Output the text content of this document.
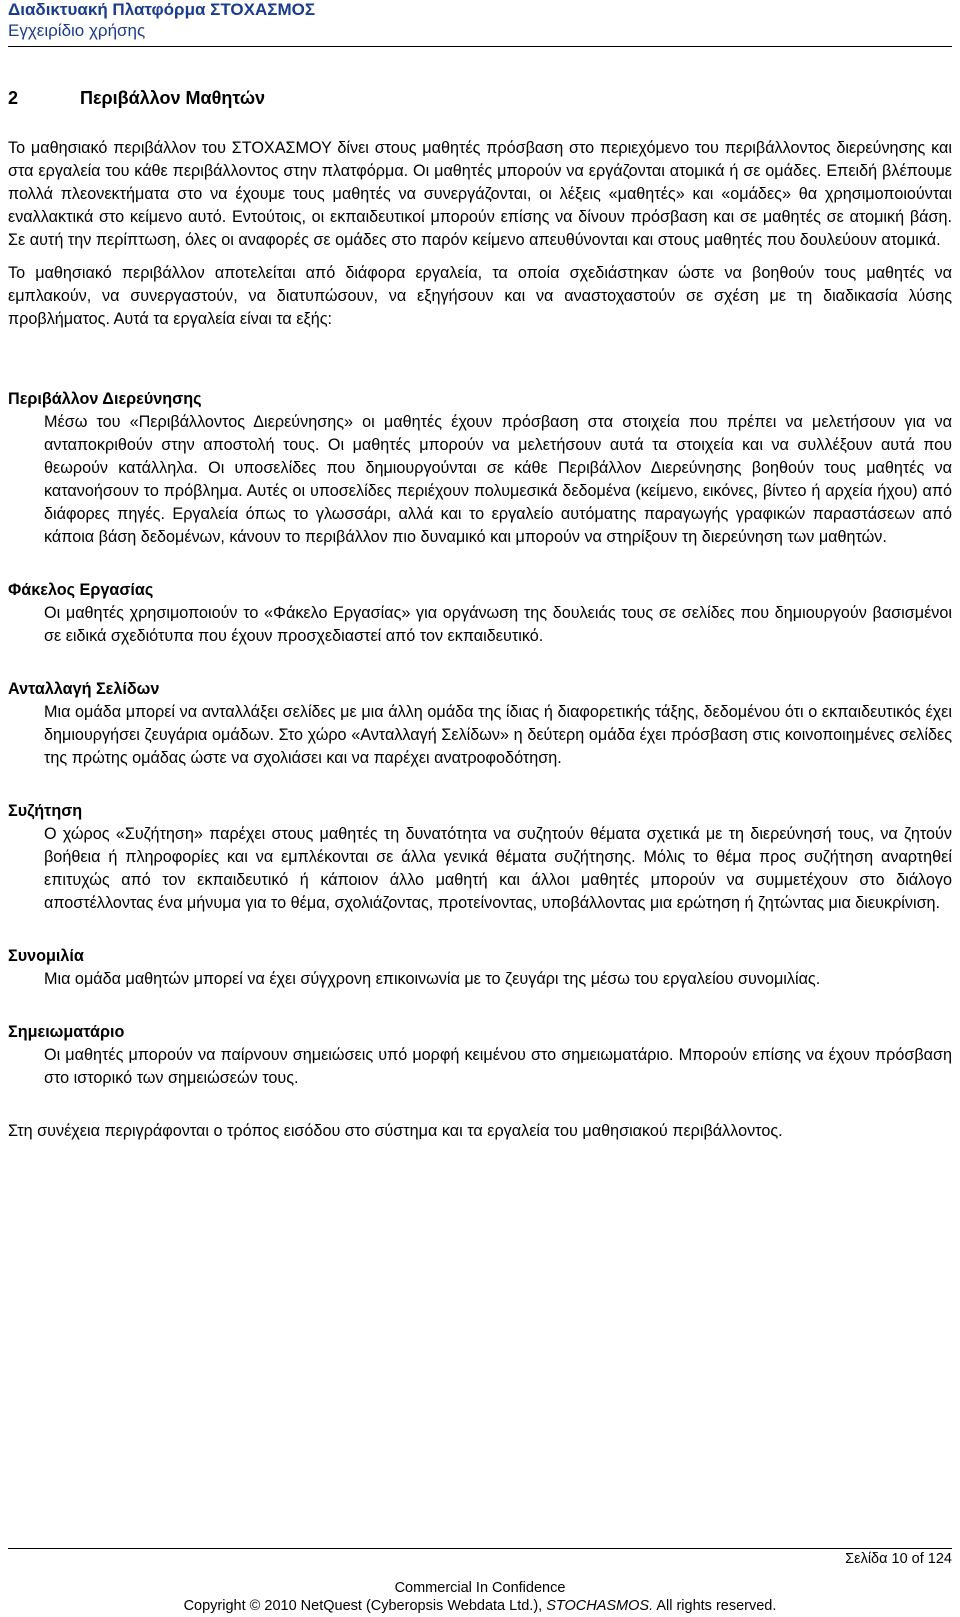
Διαδικτυακή Πλατφόρμα ΣΤΟΧΑΣΜΟΣ
Εγχειρίδιο χρήσης
2	Περιβάλλον Μαθητών

Το μαθησιακό περιβάλλον του ΣΤΟΧΑΣΜΟΥ δίνει στους μαθητές πρόσβαση στο περιεχόμενο του περιβάλλοντος διερεύνησης και στα εργαλεία του κάθε περιβάλλοντος στην πλατφόρμα. Οι μαθητές μπορούν να εργάζονται ατομικά ή σε ομάδες. Επειδή βλέπουμε πολλά πλεονεκτήματα στο να έχουμε τους μαθητές να συνεργάζονται, οι λέξεις «μαθητές» και «ομάδες» θα χρησιμοποιούνται εναλλακτικά στο κείμενο αυτό. Εντούτοις, οι εκπαιδευτικοί μπορούν επίσης να δίνουν πρόσβαση και σε μαθητές σε ατομική βάση. Σε αυτή την περίπτωση, όλες οι αναφορές σε ομάδες στο παρόν κείμενο απευθύνονται και στους μαθητές που δουλεύουν ατομικά.

Το μαθησιακό περιβάλλον αποτελείται από διάφορα εργαλεία, τα οποία σχεδιάστηκαν ώστε να βοηθούν τους μαθητές να εμπλακούν, να συνεργαστούν, να διατυπώσουν, να εξηγήσουν και να αναστοχαστούν σε σχέση με τη διαδικασία λύσης προβλήματος. Αυτά τα εργαλεία είναι τα εξής:

Περιβάλλον Διερεύνησης

Μέσω του «Περιβάλλοντος Διερεύνησης» οι μαθητές έχουν πρόσβαση στα στοιχεία που πρέπει να μελετήσουν για να ανταποκριθούν στην αποστολή τους. Οι μαθητές μπορούν να μελετήσουν αυτά τα στοιχεία και να συλλέξουν αυτά που θεωρούν κατάλληλα. Οι υποσελίδες που δημιουργούνται σε κάθε Περιβάλλον Διερεύνησης βοηθούν τους μαθητές να κατανοήσουν το πρόβλημα. Αυτές οι υποσελίδες περιέχουν πολυμεσικά δεδομένα (κείμενο, εικόνες, βίντεο ή αρχεία ήχου) από διάφορες πηγές. Εργαλεία όπως το γλωσσάρι, αλλά και το εργαλείο αυτόματης παραγωγής γραφικών παραστάσεων από κάποια βάση δεδομένων, κάνουν το περιβάλλον πιο δυναμικό και μπορούν να στηρίξουν τη διερεύνηση των μαθητών.

Φάκελος Εργασίας

Οι μαθητές χρησιμοποιούν το «Φάκελο Εργασίας» για οργάνωση της δουλειάς τους σε σελίδες που δημιουργούν βασισμένοι σε ειδικά σχεδιότυπα που έχουν προσχεδιαστεί από τον εκπαιδευτικό.

Ανταλλαγή Σελίδων

Μια ομάδα μπορεί να ανταλλάξει σελίδες με μια άλλη ομάδα της ίδιας ή διαφορετικής τάξης, δεδομένου ότι ο εκπαιδευτικός έχει δημιουργήσει ζευγάρια ομάδων. Στο χώρο «Ανταλλαγή Σελίδων» η δεύτερη ομάδα έχει πρόσβαση στις κοινοποιημένες σελίδες της πρώτης ομάδας ώστε να σχολιάσει και να παρέχει ανατροφοδότηση.

Συζήτηση

Ο χώρος «Συζήτηση» παρέχει στους μαθητές τη δυνατότητα να συζητούν θέματα σχετικά με τη διερεύνησή τους, να ζητούν βοήθεια ή πληροφορίες και να εμπλέκονται σε άλλα γενικά θέματα συζήτησης. Μόλις το θέμα προς συζήτηση αναρτηθεί επιτυχώς από τον εκπαιδευτικό ή κάποιον άλλο μαθητή και άλλοι μαθητές μπορούν να συμμετέχουν στο διάλογο αποστέλλοντας ένα μήνυμα για το θέμα, σχολιάζοντας, προτείνοντας, υποβάλλοντας μια ερώτηση ή ζητώντας μια διευκρίνιση.

Συνομιλία

Μια ομάδα μαθητών μπορεί να έχει σύγχρονη επικοινωνία με το ζευγάρι της μέσω του εργαλείου συνομιλίας.

Σημειωματάριο

Οι μαθητές μπορούν να παίρνουν σημειώσεις υπό μορφή κειμένου στο σημειωματάριο. Μπορούν επίσης να έχουν πρόσβαση στο ιστορικό των σημειώσεών τους.

Στη συνέχεια περιγράφονται ο τρόπος εισόδου στο σύστημα και τα εργαλεία του μαθησιακού περιβάλλοντος.

Σελίδα 10 of 124
Commercial In Confidence
Copyright © 2010 NetQuest (Cyberopsis Webdata Ltd.), STOCHASMOS. All rights reserved.
